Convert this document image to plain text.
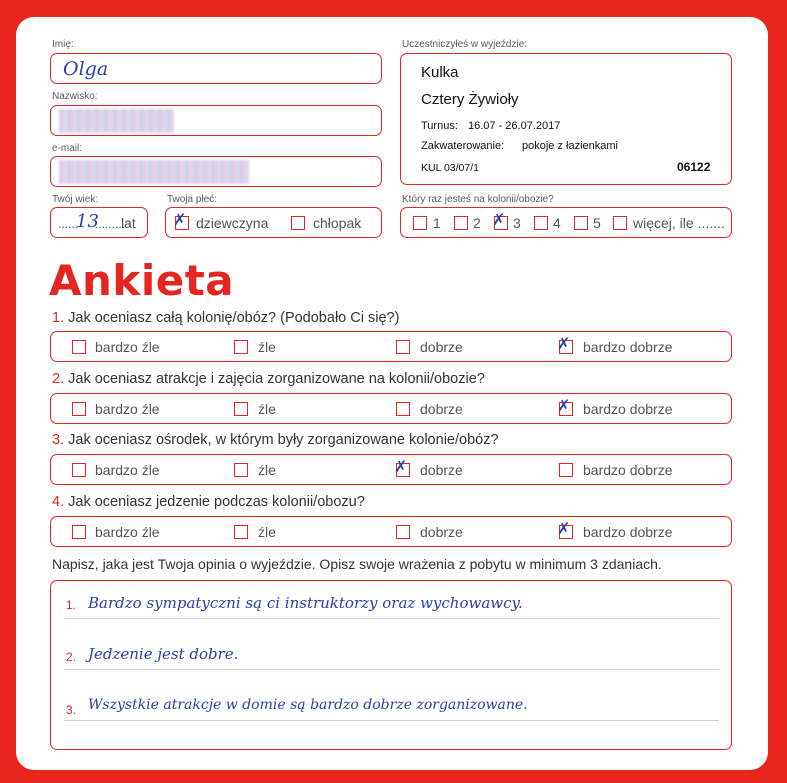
Imię:
Olga
Nazwisko:
e-mail:
Twój wiek:
......
13
.........
lat
Twoja płeć:
✗ dziewczyna	chłopak
Uczestniczyłeś w wyjeździe:
Kulka
Cztery Żywioły
Turnus: 16.07 - 26.07.2017
Zakwaterowanie: pokoje z łazienkami
KUL 03/07/1	06122
Który raz jesteś na kolonii/obozie?
1 2 ✗ 3 4 5 więcej, ile .......
Ankieta
1. Jak oceniasz całą kolonię/obóz? (Podobało Ci się?)
bardzo źle	źle	dobrze	✗ bardzo dobrze
2. Jak oceniasz atrakcje i zajęcia zorganizowane na kolonii/obozie?
bardzo źle	źle	dobrze	✗ bardzo dobrze
3. Jak oceniasz ośrodek, w którym były zorganizowane kolonie/obóz?
bardzo źle	źle	✗ dobrze	bardzo dobrze
4. Jak oceniasz jedzenie podczas kolonii/obozu?
bardzo źle	źle	dobrze	✗ bardzo dobrze
Napisz, jaka jest Twoja opinia o wyjeździe. Opisz swoje wrażenia z pobytu w minimum 3 zdaniach.
1. Bardzo sympatyczni są ci instruktorzy oraz wychowawcy.
2. Jedzenie jest dobre.
3. Wszystkie atrakcje w domie są bardzo dobrze zorganizowane.
